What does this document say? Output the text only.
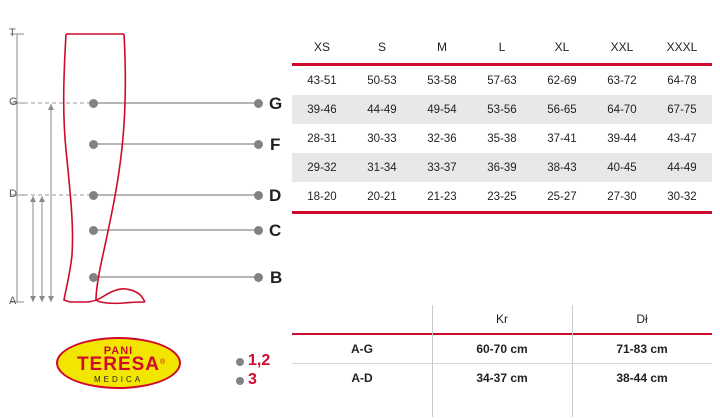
T
G
D
A
G
F
D
C
B
PANI
TERESA ®
MEDICA
1,2
3
XS	S	M	L	XL	XXL	XXXL
43-51	50-53	53-58	57-63	62-69	63-72	64-78
39-46	44-49	49-54	53-56	56-65	64-70	67-75
28-31	30-33	32-36	35-38	37-41	39-44	43-47
29-32	31-34	33-37	36-39	38-43	40-45	44-49
18-20	20-21	21-23	23-25	25-27	27-30	30-32
	Kr	Dł

A-G	60-70 cm	71-83 cm
A-D	34-37 cm	38-44 cm
